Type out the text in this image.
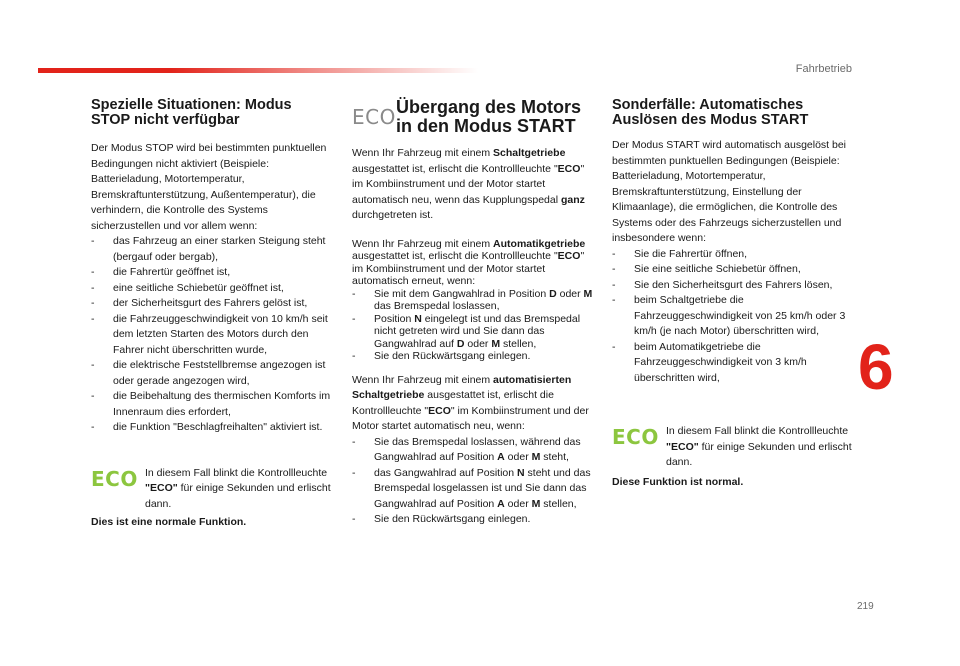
Fahrbetrieb
6
219
Spezielle Situationen: Modus
STOP nicht verfügbar

Der Modus STOP wird bei bestimmten punktuellen Bedingungen nicht aktiviert (Beispiele: Batterieladung, Motortemperatur, Bremskraftunterstützung, Außentemperatur), die verhindern, die Kontrolle des Systems sicherzustellen und vor allem wenn:

- das Fahrzeug an einer starken Steigung steht (bergauf oder bergab),
- die Fahrertür geöffnet ist,
- eine seitliche Schiebetür geöffnet ist,
- der Sicherheitsgurt des Fahrers gelöst ist,
- die Fahrzeuggeschwindigkeit von 10 km/h seit dem letzten Starten des Motors durch den Fahrer nicht überschritten wurde,
- die elektrische Feststellbremse angezogen ist oder gerade angezogen wird,
- die Beibehaltung des thermischen Komforts im Innenraum dies erfordert,
- die Funktion "Beschlagfreihalten" aktiviert ist.
ECO In diesem Fall blinkt die Kontrollleuchte "ECO" für einige Sekunden und erlischt dann.

Dies ist eine normale Funktion.

ECO Übergang des Motors
in den Modus START

Wenn Ihr Fahrzeug mit einem Schaltgetriebe ausgestattet ist, erlischt die Kontrollleuchte "ECO" im Kombiinstrument und der Motor startet automatisch neu, wenn das Kupplungspedal ganz durchgetreten ist.

Wenn Ihr Fahrzeug mit einem Automatikgetriebe ausgestattet ist, erlischt die Kontrollleuchte "ECO" im Kombiinstrument und der Motor startet automatisch erneut, wenn:

- Sie mit dem Gangwahlrad in Position D oder M das Bremspedal loslassen,
- Position N eingelegt ist und das Bremspedal nicht getreten wird und Sie dann das Gangwahlrad auf D oder M stellen,
- Sie den Rückwärtsgang einlegen.

Wenn Ihr Fahrzeug mit einem automatisierten Schaltgetriebe ausgestattet ist, erlischt die Kontrollleuchte "ECO" im Kombiinstrument und der Motor startet automatisch neu, wenn:

- Sie das Bremspedal loslassen, während das Gangwahlrad auf Position A oder M steht,
- das Gangwahlrad auf Position N steht und das Bremspedal losgelassen ist und Sie dann das Gangwahlrad auf Position A oder M stellen,
- Sie den Rückwärtsgang einlegen.
Sonderfälle: Automatisches
Auslösen des Modus START

Der Modus START wird automatisch ausgelöst bei bestimmten punktuellen Bedingungen (Beispiele: Batterieladung, Motortemperatur, Bremskraftunterstützung, Einstellung der Klimaanlage), die ermöglichen, die Kontrolle des Systems oder des Fahrzeugs sicherzustellen und insbesondere wenn:

- Sie die Fahrertür öffnen,
- Sie eine seitliche Schiebetür öffnen,
- Sie den Sicherheitsgurt des Fahrers lösen,
- beim Schaltgetriebe die Fahrzeuggeschwindigkeit von 25 km/h oder 3 km/h (je nach Motor) überschritten wird,
- beim Automatikgetriebe die Fahrzeuggeschwindigkeit von 3 km/h überschritten wird,
ECO In diesem Fall blinkt die Kontrollleuchte "ECO" für einige Sekunden und erlischt dann.

Diese Funktion ist normal.
